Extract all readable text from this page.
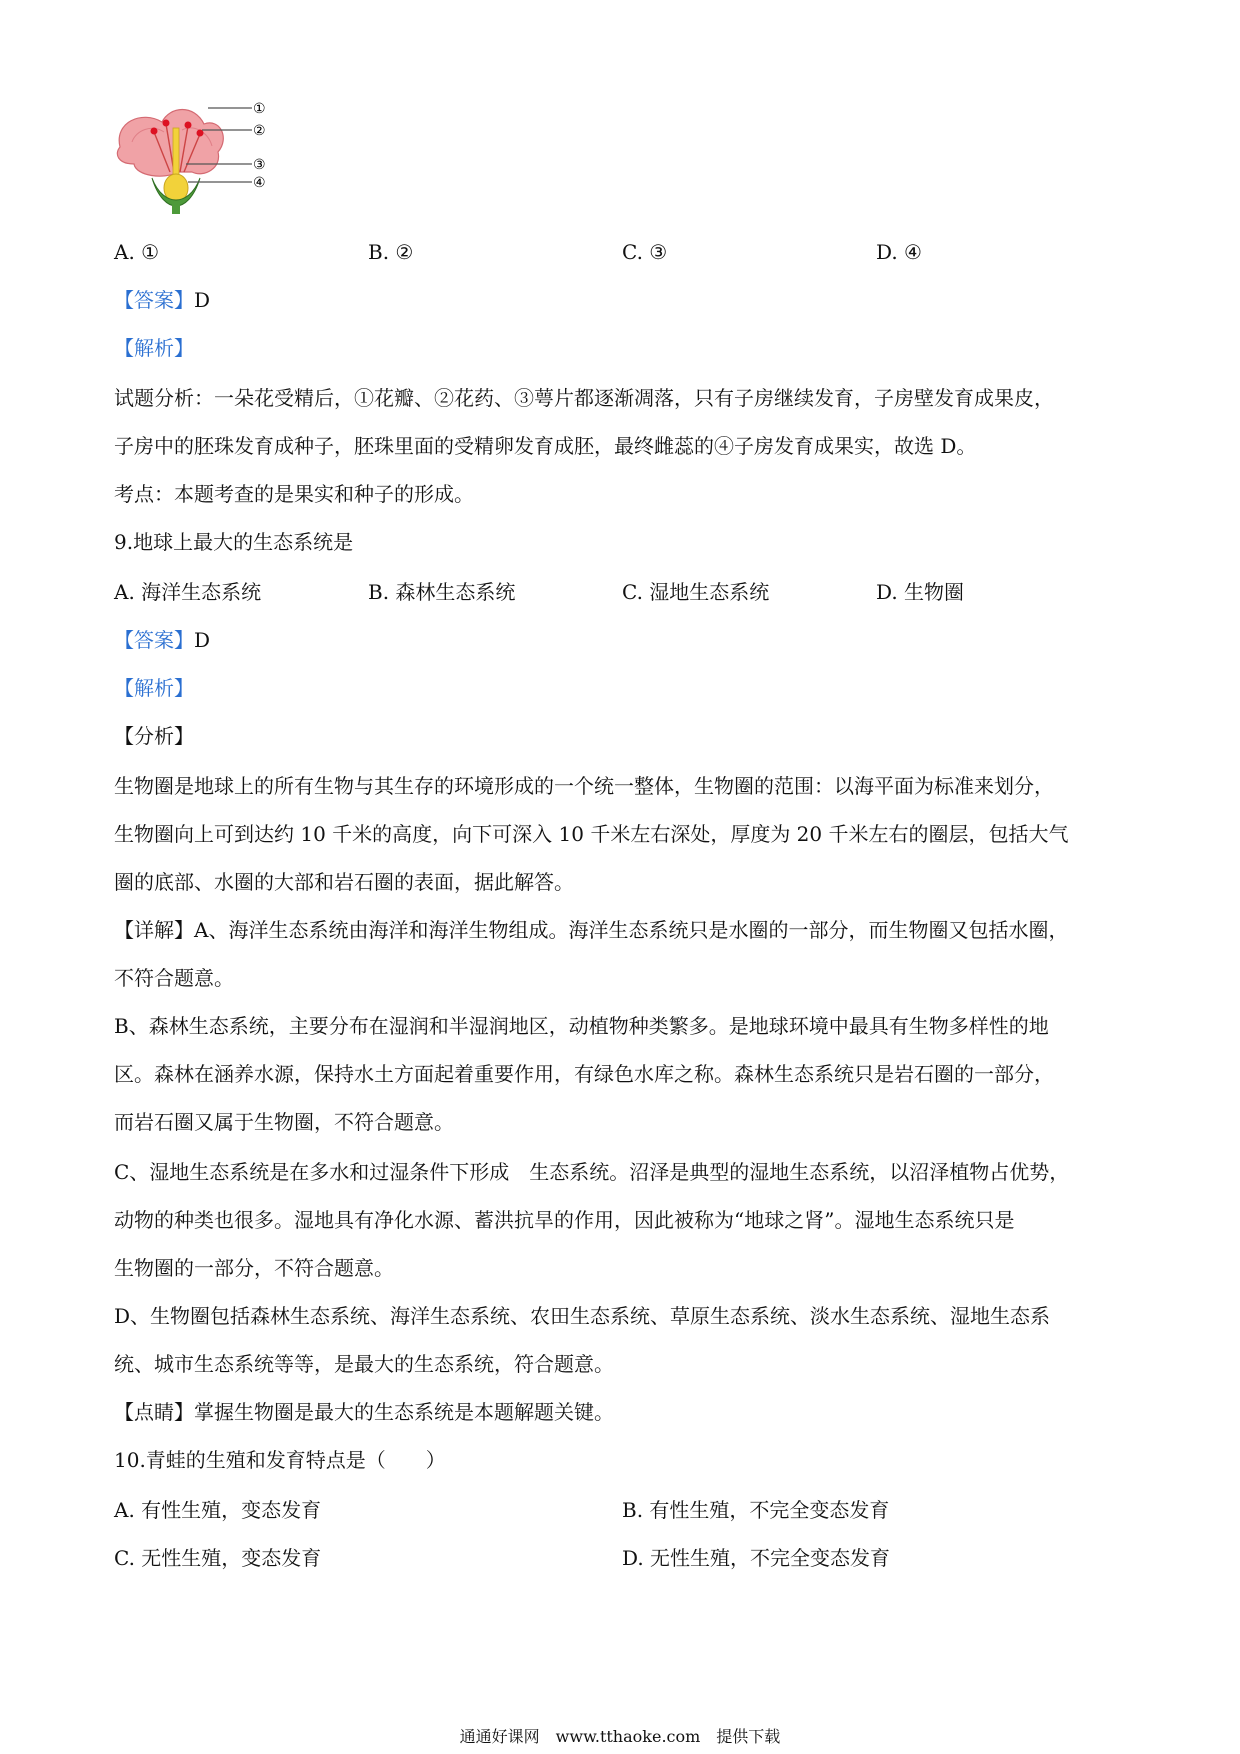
①
②
③
④
A. ①	B. ②	C. ③	D. ④
【答案】D
【解析】
试题分析：一朵花受精后，①花瓣、②花药、③萼片都逐渐凋落，只有子房继续发育，子房壁发育成果皮，
子房中的胚珠发育成种子，胚珠里面的受精卵发育成胚，最终雌蕊的④子房发育成果实，故选 D。
考点：本题考查的是果实和种子的形成。
9.地球上最大的生态系统是
A. 海洋生态系统	B. 森林生态系统	C. 湿地生态系统	D. 生物圈
【答案】D
【解析】
【分析】
生物圈是地球上的所有生物与其生存的环境形成的一个统一整体，生物圈的范围：以海平面为标准来划分，
生物圈向上可到达约 10 千米的高度，向下可深入 10 千米左右深处，厚度为 20 千米左右的圈层，包括大气
圈的底部、水圈的大部和岩石圈的表面，据此解答。
【详解】A、海洋生态系统由海洋和海洋生物组成。海洋生态系统只是水圈的一部分，而生物圈又包括水圈，
不符合题意。
B、森林生态系统，主要分布在湿润和半湿润地区，动植物种类繁多。是地球环境中最具有生物多样性的地
区。森林在涵养水源，保持水土方面起着重要作用，有绿色水库之称。森林生态系统只是岩石圈的一部分，
而岩石圈又属于生物圈，不符合题意。
C、湿地生态系统是在多水和过湿条件下形成　生态系统。沼泽是典型的湿地生态系统，以沼泽植物占优势，
动物的种类也很多。湿地具有净化水源、蓄洪抗旱的作用，因此被称为“地球之肾”。湿地生态系统只是
生物圈的一部分，不符合题意。
D、生物圈包括森林生态系统、海洋生态系统、农田生态系统、草原生态系统、淡水生态系统、湿地生态系
统、城市生态系统等等，是最大的生态系统，符合题意。
【点睛】掌握生物圈是最大的生态系统是本题解题关键。
10.青蛙的生殖和发育特点是（　　）
A. 有性生殖，变态发育	B. 有性生殖，不完全变态发育
C. 无性生殖，变态发育	D. 无性生殖，不完全变态发育
通通好课网　www.tthaoke.com　提供下载
